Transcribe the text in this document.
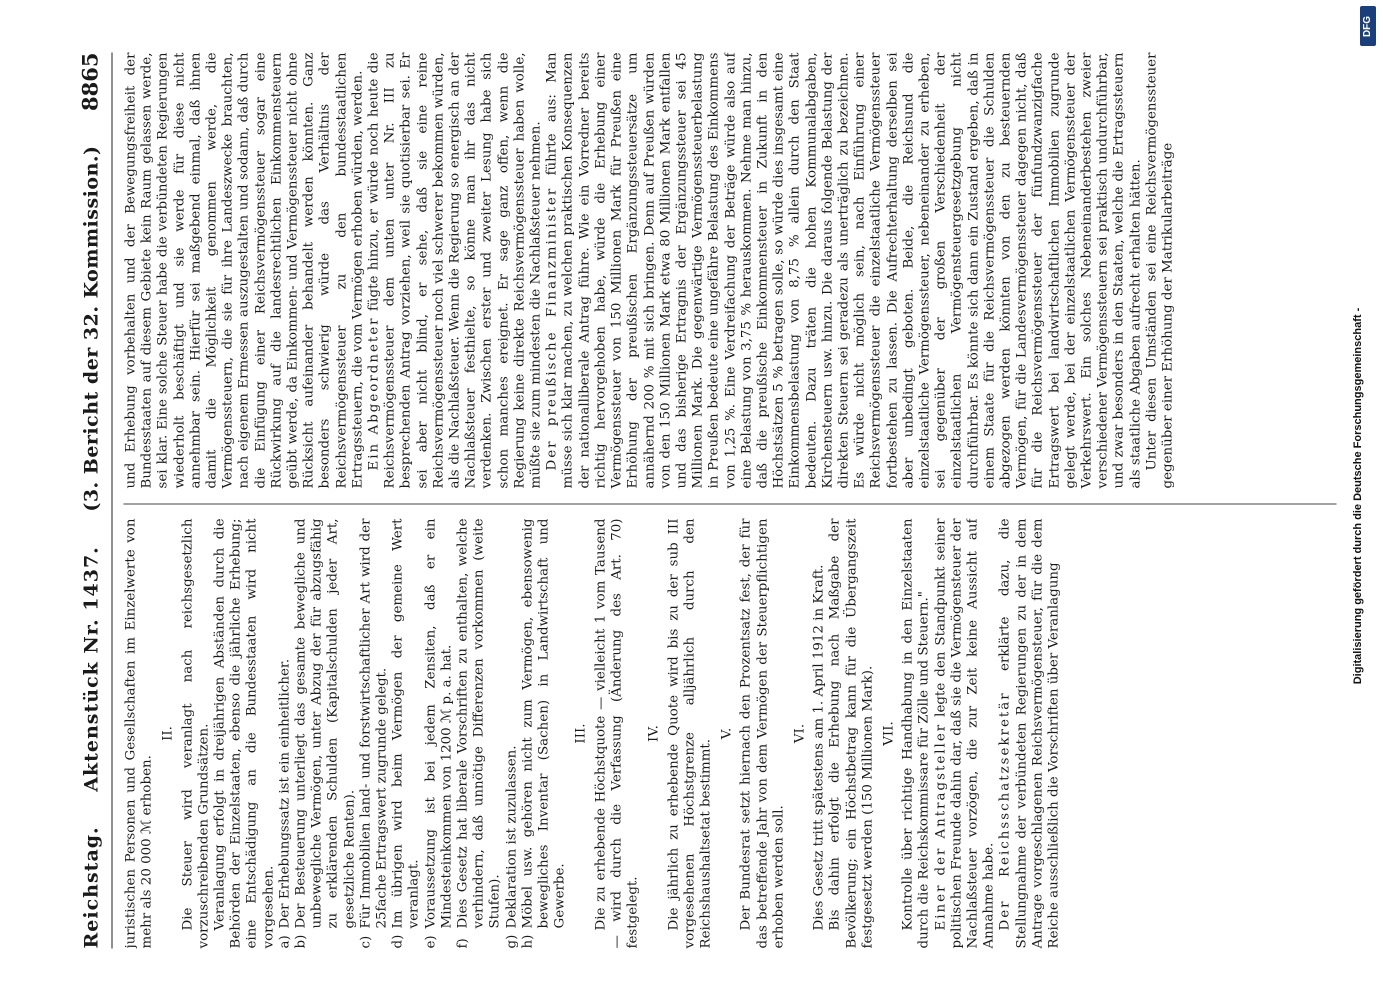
Reichstag.
Aktenstück Nr. 1437.
(3. Bericht der 32. Kommission.)
8865

juristischen Personen und Gesellschaften im Einzelwerte von mehr als 20 000 ℳ erhoben.

II. Die Steuer wird veranlagt nach reichsgesetzlich vorzuschreibenden Grundsätzen. Veranlagung erfolgt in dreijährigen Abständen durch die Behörden der Einzelstaaten, ebenso die jährliche Erhebung; eine Entschädigung an die Bundesstaaten wird nicht vorgesehen. a)
Der Erhebungssatz ist ein einheitlicher.
b)
Der Besteuerung unterliegt das gesamte bewegliche und unbewegliche Vermögen, unter Abzug der für abzugsfähig zu erklärenden Schulden (Kapitalschulden jeder Art, gesetzliche Renten).
c)
Für Immobilien land- und forstwirtschaftlicher Art wird der 25fache Ertragswert zugrunde gelegt.
d)
Im übrigen wird beim Vermögen der gemeine Wert veranlagt.
e)
Voraussetzung ist bei jedem Zensiten, daß er ein Mindesteinkommen von 1200 ℳ p. a. hat.
f)
Dies Gesetz hat liberale Vorschriften zu enthalten, welche verhindern, daß unnötige Differenzen vorkommen (weite Stufen).
g)
Deklaration ist zuzulassen.
h)
Möbel usw. gehören nicht zum Vermögen, ebensowenig bewegliches Inventar (Sachen) in Landwirtschaft und Gewerbe.
III. Die zu erhebende Höchstquote — vielleicht 1 vom Tausend — wird durch die Verfassung (Änderung des Art. 70) festgelegt.

IV. Die jährlich zu erhebende Quote wird bis zu der sub III vorgesehenen Höchstgrenze alljährlich durch den Reichshaushaltsetat bestimmt.

V. Der Bundesrat setzt hiernach den Prozentsatz fest, der für das betreffende Jahr von dem Vermögen der Steuerpflichtigen erhoben werden soll.

VI. Dies Gesetz tritt spätestens am 1. April 1912 in Kraft. Bis dahin erfolgt die Erhebung nach Maßgabe der Bevölkerung; ein Höchstbetrag kann für die Übergangszeit festgesetzt werden (150 Millionen Mark). VII. Kontrolle über richtige Handhabung in den Einzelstaaten durch die Reichskommissare für Zölle und Steuern." Einer der Antragsteller legte den Standpunkt seiner politischen Freunde dahin dar, daß sie die Vermögensteuer der Nachlaßsteuer vorzögen, die zur Zeit keine Aussicht auf Annahme habe. Der Reichsschatzsekretär erklärte dazu, die Stellungnahme der verbündeten Regierungen zu der in dem Antrage vorgeschlagenen Reichsvermögensteuer, für die dem Reiche ausschließlich die Vorschriften über Veranlagung

und Erhebung vorbehalten und der Bewegungsfreiheit der Bundesstaaten auf diesem Gebiete kein Raum gelassen werde, sei klar. Eine solche Steuer habe die verbündeten Regierungen wiederholt beschäftigt und sie werde für diese nicht annehmbar sein. Hierfür sei maßgebend einmal, daß ihnen damit die Möglichkeit genommen werde, die Vermögenssteuern, die sie für ihre Landeszwecke brauchten, nach eigenem Ermessen auszugestalten und sodann, daß durch die Einfügung einer Reichsvermögenssteuer sogar eine Rückwirkung auf die landesrechtlichen Einkommensteuern geübt werde, da Einkommen- und Vermögenssteuer nicht ohne Rücksicht aufeinander behandelt werden könnten. Ganz besonders schwierig würde das Verhältnis der Reichsvermögenssteuer zu den bundesstaatlichen Ertragssteuern, die vom Vermögen erhoben würden, werden. Ein Abgeordneter fügte hinzu, er würde noch heute die Reichsvermögenssteuer dem unten unter Nr. III zu besprechenden Antrag vorziehen, weil sie quotisierbar sei. Er sei aber nicht blind, er sehe, daß sie eine reine Reichsvermögenssteuer noch viel schwerer bekommen würden, als die Nachlaßsteuer. Wenn die Regierung so energisch an der Nachlaßsteuer festhielte, so könne man ihr das nicht verdenken. Zwischen erster und zweiter Lesung habe sich schon manches ereignet. Er sage ganz offen, wenn die Regierung keine direkte Reichsvermögenssteuer haben wolle, müßte sie zum mindesten die Nachlaßsteuer nehmen. Der preußische Finanzminister führte aus: Man müsse sich klar machen, zu welchen praktischen Konsequenzen der nationalliberale Antrag führe. Wie ein Vorredner bereits richtig hervorgehoben habe, würde die Erhebung einer Vermögenssteuer von 150 Millionen Mark für Preußen eine Erhöhung der preußischen Ergänzungssteuersätze um annähernd 200 % mit sich bringen. Denn auf Preußen würden von den 150 Millionen Mark etwa 80 Millionen Mark entfallen und das bisherige Ertragnis der Ergänzungssteuer sei 45 Millionen Mark. Die gegenwärtige Vermögenssteuerbelastung in Preußen bedeute eine ungefähre Belastung des Einkommens von 1,25 %. Eine Verdreifachung der Beträge würde also auf eine Belastung von 3,75 % herauskommen. Nehme man hinzu, daß die preußische Einkommensteuer in Zukunft in den Höchstsätzen 5 % betragen solle, so würde dies insgesamt eine Einkommensbelastung von 8,75 % allein durch den Staat bedeuten. Dazu träten die hohen Kommunalabgaben, Kirchensteuern usw. hinzu. Die daraus folgende Belastung der direkten Steuern sei geradezu als unerträglich zu bezeichnen. Es würde nicht möglich sein, nach Einführung einer Reichsvermögenssteuer die einzelstaatliche Vermögenssteuer fortbestehen zu lassen. Die Aufrechterhaltung derselben sei aber unbedingt geboten. Beide, die Reichsund die einzelstaatliche Vermögenssteuer, nebeneinander zu erheben, sei gegenüber der großen Verschiedenheit der einzelstaatlichen Vermögensteuergesetzgebung nicht durchführbar. Es könnte sich dann ein Zustand ergeben, daß in einem Staate für die Reichsvermögenssteuer die Schulden abgezogen werden könnten von den zu besteuernden Vermögen, für die Landesvermögenssteuer dagegen nicht, daß für die Reichsvermögenssteuer der fünfundzwanzigfache Ertragswert bei landwirtschaftlichen Immobilien zugrunde gelegt werde, bei der einzelstaatlichen Vermögenssteuer der Verkehrswert. Ein solches Nebeneinanderbestehen zweier verschiedener Vermögenssteuern sei praktisch undurchführbar, und zwar besonders in den Staaten, welche die Ertragssteuern als staatliche Abgaben aufrecht erhalten hätten. Unter diesen Umständen sei eine Reichsvermögenssteuer gegenüber einer Erhöhung der Matrikularbeiträge	Digitalisierung gefördert durch die Deutsche Forschungsgemeinschaft -
DFG
